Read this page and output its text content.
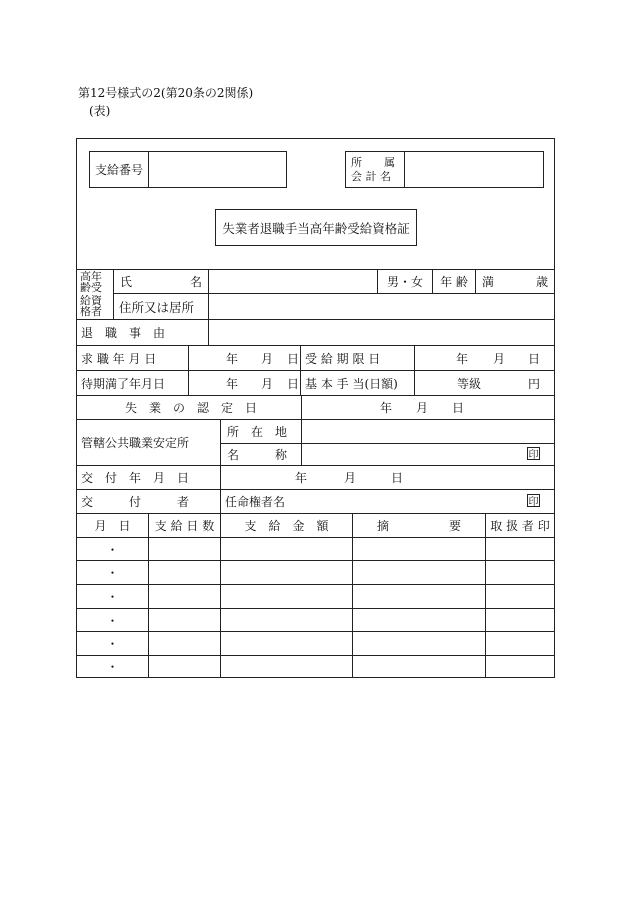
第12号様式の2(第20条の2関係)
(表)
支給番号
所　　属
会 計 名
失業者退職手当高年齢受給資格証
高年
齢受
給資
格者
氏	名	男・女	年 齢	満	歳
住所又は居所
退　職　事　由
求 職 年 月 日	年 月 日 受 給 期 限 日	年 月 日
待期満了年月日	年 月 日 基 本 手 当(日額)	等級	円
失　業　の　認　定　日	年 月 日
管轄公共職業安定所
所　在　地
名　　　称	印
交　付　年　月　日	年	月	日
交　　　付　　　者	任命権者名	印
月　日	支 給 日 数	支　給　金　額	摘　　　　　要	取 扱 者 印
・
・
・
・
・
・
